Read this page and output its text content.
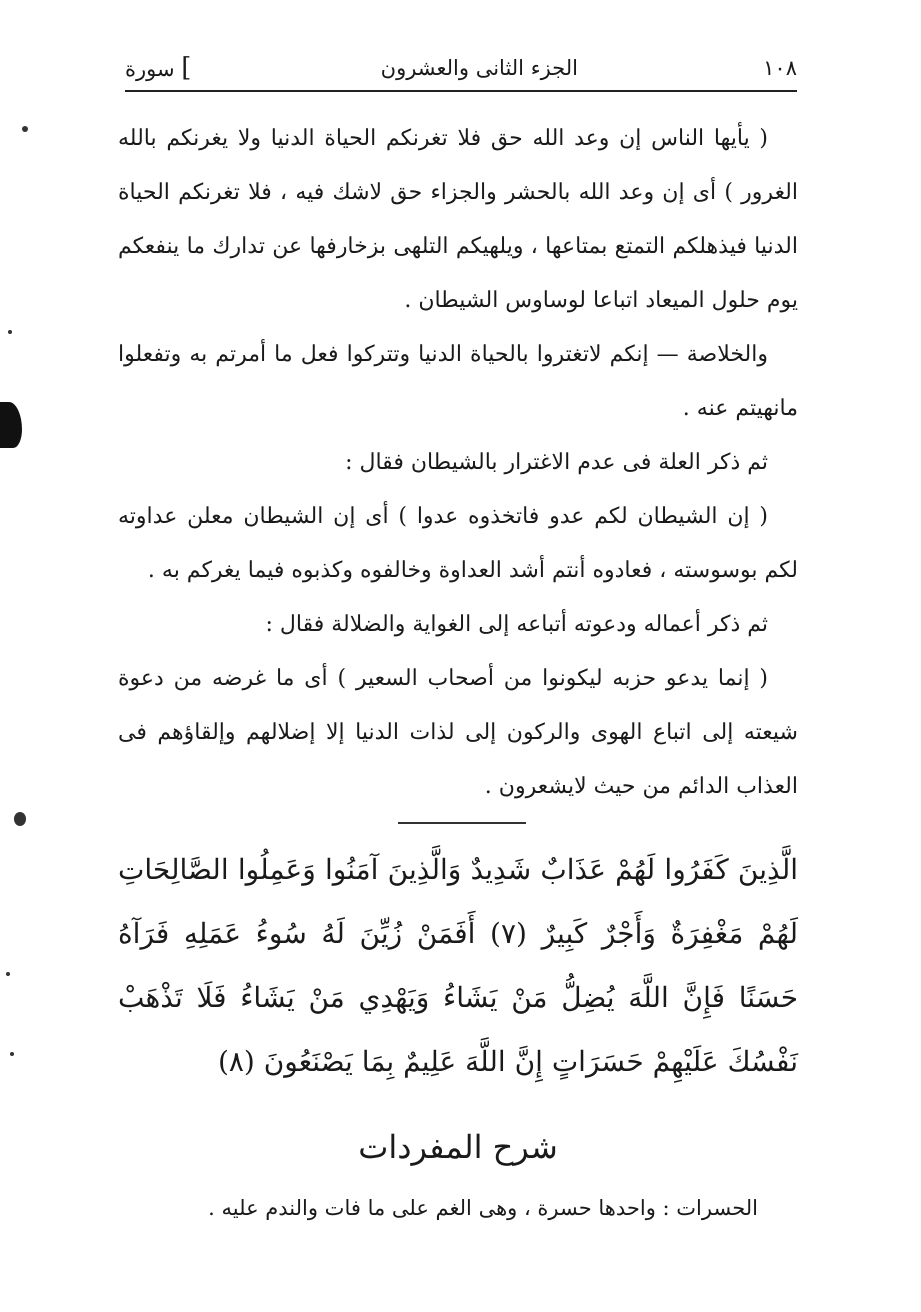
١٠٨
الجزء الثانى والعشرون
] سورة

( يأيها الناس إن وعد الله حق فلا تغرنكم الحياة الدنيا ولا يغرنكم بالله الغرور ) أى إن وعد الله بالحشر والجزاء حق لاشك فيه ، فلا تغرنكم الحياة الدنيا فيذهلكم التمتع بمتاعها ، ويلهيكم التلهى بزخارفها عن تدارك ما ينفعكم يوم حلول الميعاد اتباعا لوساوس الشيطان .

والخلاصة — إنكم لاتغتروا بالحياة الدنيا وتتركوا فعل ما أمرتم به وتفعلوا مانهيتم عنه .

ثم ذكر العلة فى عدم الاغترار بالشيطان فقال :

( إن الشيطان لكم عدو فاتخذوه عدوا ) أى إن الشيطان معلن عداوته لكم بوسوسته ، فعادوه أنتم أشد العداوة وخالفوه وكذبوه فيما يغركم به .

ثم ذكر أعماله ودعوته أتباعه إلى الغواية والضلالة فقال :

( إنما يدعو حزبه ليكونوا من أصحاب السعير ) أى ما غرضه من دعوة شيعته إلى اتباع الهوى والركون إلى لذات الدنيا إلا إضلالهم وإلقاؤهم فى العذاب الدائم من حيث لايشعرون .

الَّذِينَ كَفَرُوا لَهُمْ عَذَابٌ شَدِيدٌ وَالَّذِينَ آمَنُوا وَعَمِلُوا الصَّالِحَاتِ لَهُمْ مَغْفِرَةٌ وَأَجْرٌ كَبِيرٌ (٧) أَفَمَنْ زُيِّنَ لَهُ سُوءُ عَمَلِهِ فَرَآهُ حَسَنًا فَإِنَّ اللَّهَ يُضِلُّ مَنْ يَشَاءُ وَيَهْدِي مَنْ يَشَاءُ فَلَا تَذْهَبْ نَفْسُكَ عَلَيْهِمْ حَسَرَاتٍ إِنَّ اللَّهَ عَلِيمٌ بِمَا يَصْنَعُونَ (٨)
شرح المفردات
الحسرات : واحدها حسرة ، وهى الغم على ما فات والندم عليه .
